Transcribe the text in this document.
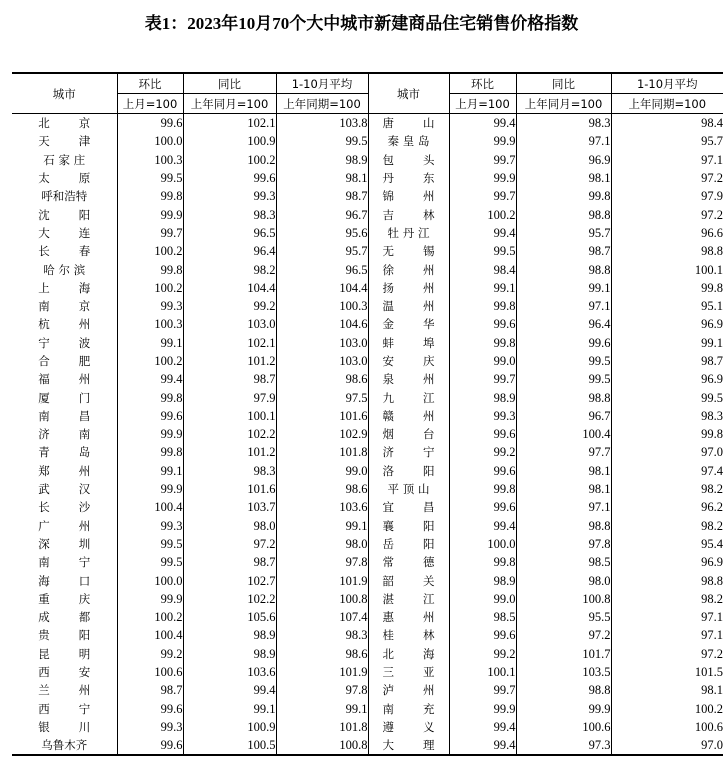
表1：2023年10月70个大中城市新建商品住宅销售价格指数
城市	环比	同比	1-10月平均	城市	环比	同比	1-10月平均
	上月=100	上年同月=100	上年同期=100		上月=100	上年同月=100	上年同期=100

北 京	99.6	102.1	103.8	唐 山	99.4	98.3	98.4

天 津	100.0	100.9	99.5	秦 皇 岛	99.9	97.1	95.7

石 家 庄	100.3	100.2	98.9	包 头	99.7	96.9	97.1

太 原	99.5	99.6	98.1	丹 东	99.9	98.1	97.2
呼和浩特	99.8	99.3	98.7	锦 州	99.7	99.8	97.9

沈 阳	99.9	98.3	96.7	吉 林	100.2	98.8	97.2

大 连	99.7	96.5	95.6	牡 丹 江	99.4	95.7	96.6

长 春	100.2	96.4	95.7	无 锡	99.5	98.7	98.8

哈 尔 滨	99.8	98.2	96.5	徐 州	98.4	98.8	100.1

上 海	100.2	104.4	104.4	扬 州	99.1	99.1	99.8

南 京	99.3	99.2	100.3	温 州	99.8	97.1	95.1

杭 州	100.3	103.0	104.6	金 华	99.6	96.4	96.9

宁 波	99.1	102.1	103.0	蚌 埠	99.8	99.6	99.1

合 肥	100.2	101.2	103.0	安 庆	99.0	99.5	98.7

福 州	99.4	98.7	98.6	泉 州	99.7	99.5	96.9

厦 门	99.8	97.9	97.5	九 江	98.9	98.8	99.5

南 昌	99.6	100.1	101.6	赣 州	99.3	96.7	98.3

济 南	99.9	102.2	102.9	烟 台	99.6	100.4	99.8

青 岛	99.8	101.2	101.8	济 宁	99.2	97.7	97.0

郑 州	99.1	98.3	99.0	洛 阳	99.6	98.1	97.4

武 汉	99.9	101.6	98.6	平 顶 山	99.8	98.1	98.2

长 沙	100.4	103.7	103.6	宜 昌	99.6	97.1	96.2

广 州	99.3	98.0	99.1	襄 阳	99.4	98.8	98.2

深 圳	99.5	97.2	98.0	岳 阳	100.0	97.8	95.4

南 宁	99.5	98.7	97.8	常 德	99.8	98.5	96.9

海 口	100.0	102.7	101.9	韶 关	98.9	98.0	98.8

重 庆	99.9	102.2	100.8	湛 江	99.0	100.8	98.2

成 都	100.2	105.6	107.4	惠 州	98.5	95.5	97.1

贵 阳	100.4	98.9	98.3	桂 林	99.6	97.2	97.1

昆 明	99.2	98.9	98.6	北 海	99.2	101.7	97.2

西 安	100.6	103.6	101.9	三 亚	100.1	103.5	101.5

兰 州	98.7	99.4	97.8	泸 州	99.7	98.8	98.1

西 宁	99.6	99.1	99.1	南 充	99.9	99.9	100.2

银 川	99.3	100.9	101.8	遵 义	99.4	100.6	100.6
乌鲁木齐	99.6	100.5	100.8	大 理	99.4	97.3	97.0
